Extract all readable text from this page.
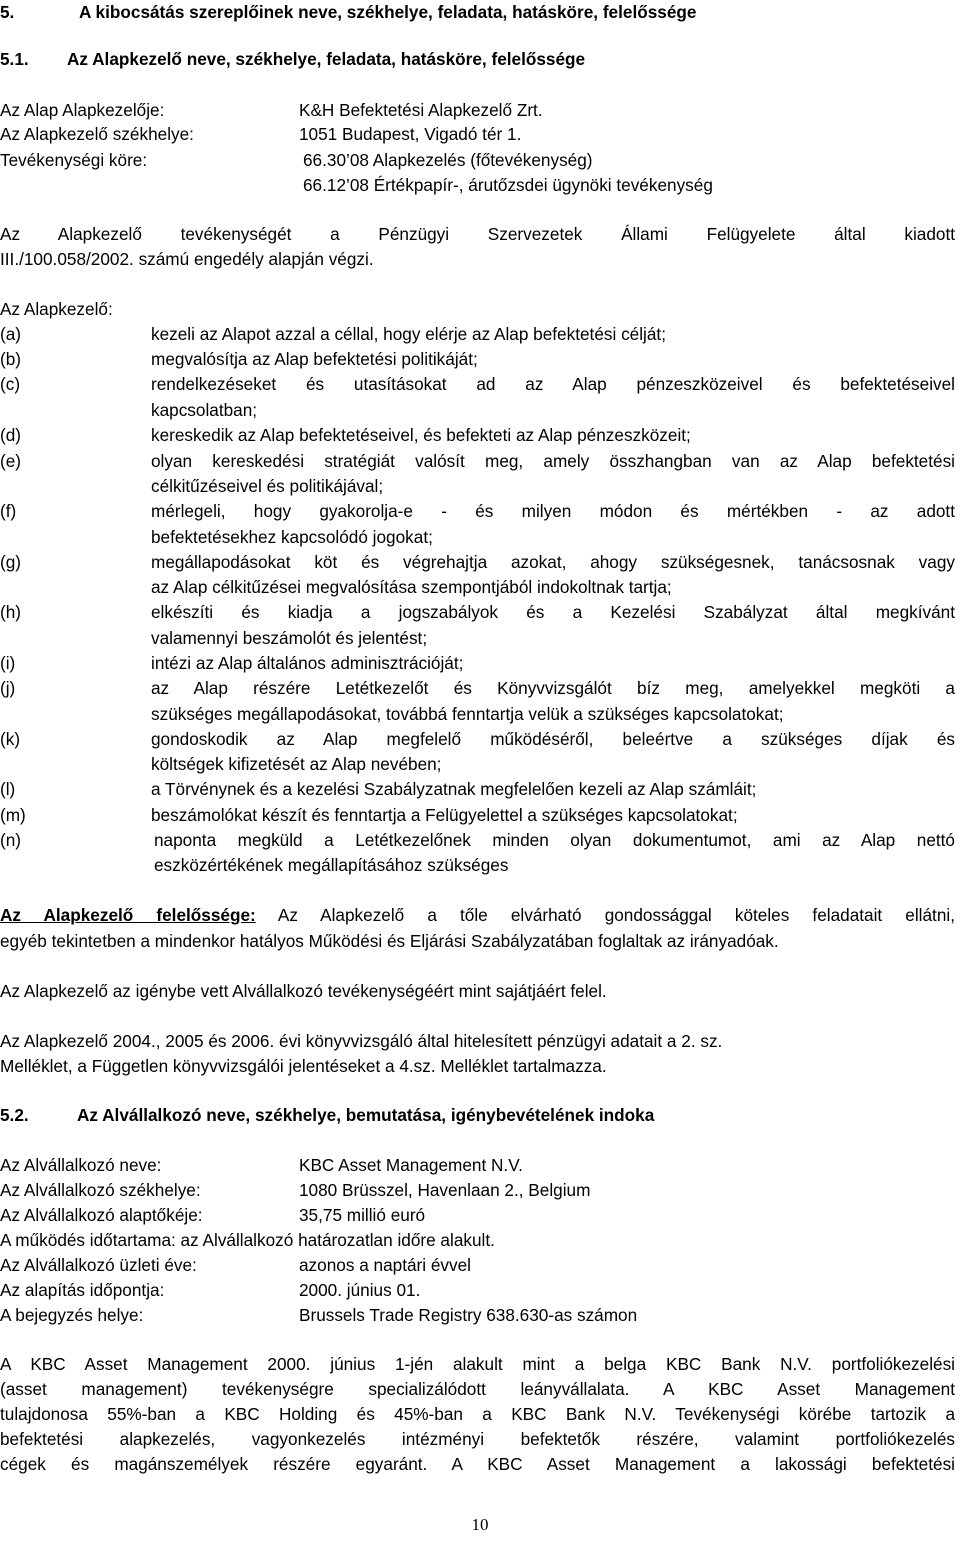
5.	A kibocsátás szereplőinek neve, székhelye, feladata, hatásköre, felelőssége
5.1. Az Alapkezelő neve, székhelye, feladata, hatásköre, felelőssége
Az Alap Alapkezelője:	K&H Befektetési Alapkezelő Zrt.
Az Alapkezelő székhelye:	1051 Budapest, Vigadó tér 1.
Tevékenységi köre:	66.30’08 Alapkezelés (főtevékenység)
66.12’08 Értékpapír-, árutőzsdei ügynöki tevékenység
Az Alapkezelő tevékenységét a Pénzügyi Szervezetek Állami Felügyelete által kiadott
III./100.058/2002. számú engedély alapján végzi.
Az Alapkezelő:
(a)	kezeli az Alapot azzal a céllal, hogy elérje az Alap befektetési célját;
(b)	megvalósítja az Alap befektetési politikáját;
(c)	rendelkezéseket és utasításokat ad az Alap pénzeszközeivel és befektetéseivel
kapcsolatban;
(d)	kereskedik az Alap befektetéseivel, és befekteti az Alap pénzeszközeit;
(e)	olyan kereskedési stratégiát valósít meg, amely összhangban van az Alap befektetési
célkitűzéseivel és politikájával;
(f)	mérlegeli, hogy gyakorolja-e - és milyen módon és mértékben - az adott
befektetésekhez kapcsolódó jogokat;
(g)	megállapodásokat köt és végrehajtja azokat, ahogy szükségesnek, tanácsosnak vagy
az Alap célkitűzései megvalósítása szempontjából indokoltnak tartja;
(h)	elkészíti és kiadja a jogszabályok és a Kezelési Szabályzat által megkívánt
valamennyi beszámolót és jelentést;
(i)	intézi az Alap általános adminisztrációját;
(j)	az Alap részére Letétkezelőt és Könyvvizsgálót bíz meg, amelyekkel megköti a
szükséges megállapodásokat, továbbá fenntartja velük a szükséges kapcsolatokat;
(k)	gondoskodik az Alap megfelelő működéséről, beleértve a szükséges díjak és
költségek kifizetését az Alap nevében;
(l)	a Törvénynek és a kezelési Szabályzatnak megfelelően kezeli az Alap számláit;
(m)	beszámolókat készít és fenntartja a Felügyelettel a szükséges kapcsolatokat;
(n)	naponta megküld a Letétkezelőnek minden olyan dokumentumot, ami az Alap nettó
eszközértékének megállapításához szükséges
Az Alapkezelő felelőssége: Az Alapkezelő a tőle elvárható gondossággal köteles feladatait ellátni,
egyéb tekintetben a mindenkor hatályos Működési és Eljárási Szabályzatában foglaltak az irányadóak.
Az Alapkezelő az igénybe vett Alvállalkozó tevékenységéért mint sajátjáért felel.
Az Alapkezelő 2004., 2005 és 2006. évi könyvvizsgáló által hitelesített pénzügyi adatait a 2. sz.
Melléklet, a Független könyvvizsgálói jelentéseket a 4.sz. Melléklet tartalmazza.
5.2.	Az Alvállalkozó neve, székhelye, bemutatása, igénybevételének indoka
Az Alvállalkozó neve:	KBC Asset Management N.V.
Az Alvállalkozó székhelye:	1080 Brüsszel, Havenlaan 2., Belgium
Az Alvállalkozó alaptőkéje:	35,75 millió euró
A működés időtartama: az Alvállalkozó határozatlan időre alakult.
Az Alvállalkozó üzleti éve:	azonos a naptári évvel
Az alapítás időpontja:	2000. június 01.
A bejegyzés helye:	Brussels Trade Registry 638.630-as számon
A KBC Asset Management 2000. június 1-jén alakult mint a belga KBC Bank N.V. portfoliókezelési
(asset management) tevékenységre specializálódott leányvállalata. A KBC Asset Management
tulajdonosa 55%-ban a KBC Holding és 45%-ban a KBC Bank N.V. Tevékenységi körébe tartozik a
befektetési alapkezelés, vagyonkezelés intézményi befektetők részére, valamint portfoliókezelés
cégek és magánszemélyek részére egyaránt. A KBC Asset Management a lakossági befektetési
10
